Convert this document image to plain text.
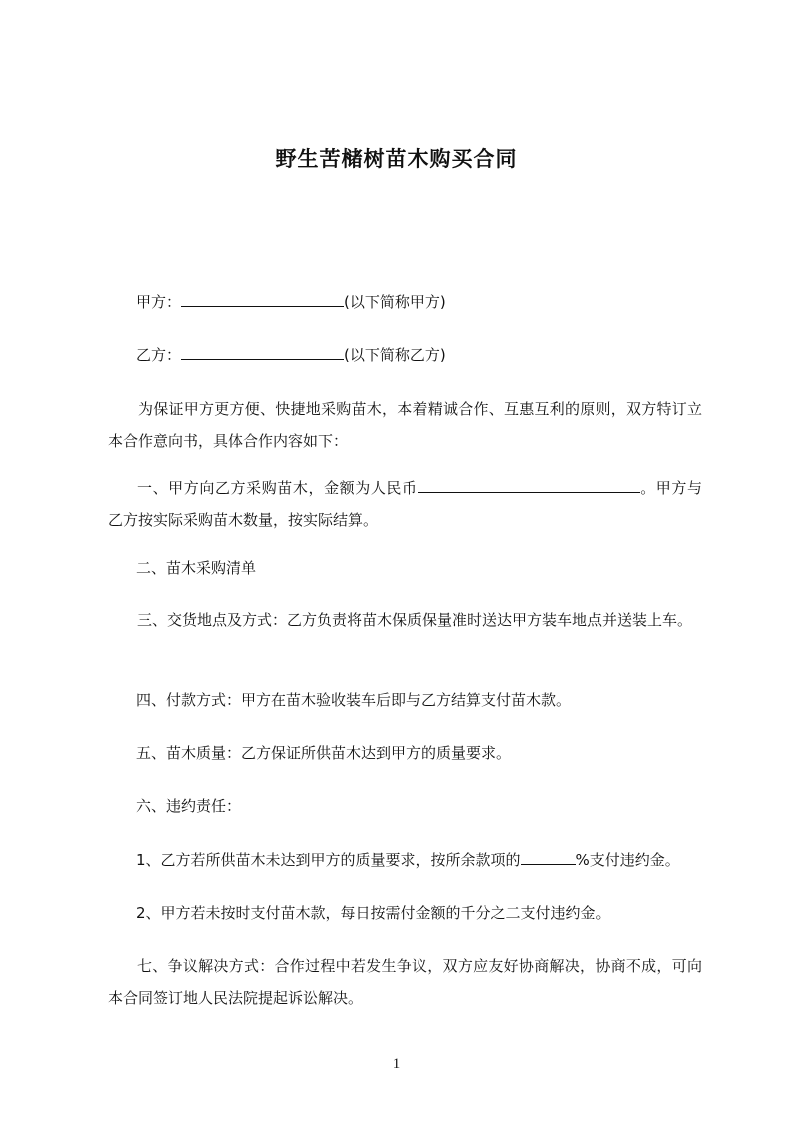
野生苦槠树苗木购买合同
甲方：	(以下简称甲方)
乙方：	(以下简称乙方)
为保证甲方更方便、快捷地采购苗木，本着精诚合作、互惠互利的原则，双方特订立本合作意向书，具体合作内容如下：
一、甲方向乙方采购苗木，金额为人民币	。甲方与乙方按实际采购苗木数量，按实际结算。
二、苗木采购清单
三、交货地点及方式：乙方负责将苗木保质保量准时送达甲方装车地点并送装上车。
四、付款方式：甲方在苗木验收装车后即与乙方结算支付苗木款。
五、苗木质量：乙方保证所供苗木达到甲方的质量要求。
六、违约责任：
1、乙方若所供苗木未达到甲方的质量要求，按所余款项的	%支付违约金。
2、甲方若未按时支付苗木款，每日按需付金额的千分之二支付违约金。
七、争议解决方式：合作过程中若发生争议，双方应友好协商解决，协商不成，可向本合同签订地人民法院提起诉讼解决。
1
